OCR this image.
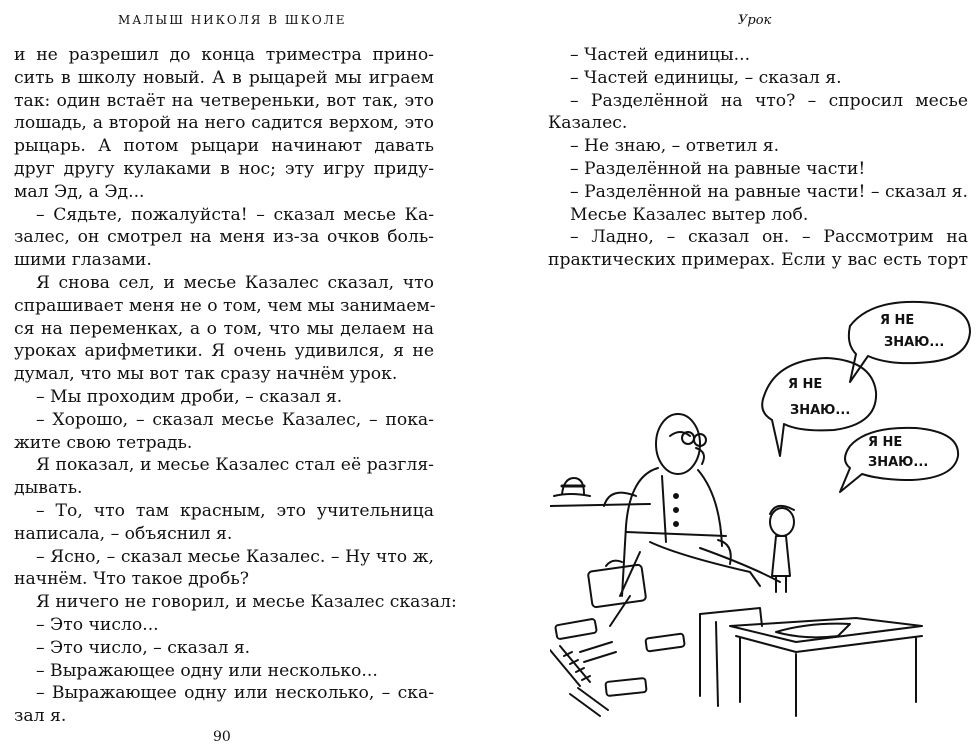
МАЛЫШ НИКОЛЯ В ШКОЛЕ
и не разрешил до конца триместра прино-
сить в школу новый. А в рыцарей мы играем
так: один встаёт на четвереньки, вот так, это
лошадь, а второй на него садится верхом, это
рыцарь. А потом рыцари начинают давать
друг другу кулаками в нос; эту игру приду-
мал Эд, а Эд...
– Сядьте, пожалуйста! – сказал месье Ка-
залес, он смотрел на меня из-за очков боль-
шими глазами.
Я снова сел, и месье Казалес сказал, что
спрашивает меня не о том, чем мы занимаем-
ся на переменках, а о том, что мы делаем на
уроках арифметики. Я очень удивился, я не
думал, что мы вот так сразу начнём урок.
– Мы проходим дроби, – сказал я.
– Хорошо, – сказал месье Казалес, – пока-
жите свою тетрадь.
Я показал, и месье Казалес стал её разгля-
дывать.
– То, что там красным, это учительница
написала, – объяснил я.
– Ясно, – сказал месье Казалес. – Ну что ж,
начнём. Что такое дробь?
Я ничего не говорил, и месье Казалес сказал:
– Это число...
– Это число, – сказал я.
– Выражающее одну или несколько...
– Выражающее одну или несколько, – ска-
зал я.
90
Урок
– Частей единицы...
– Частей единицы, – сказал я.
– Разделённой на что? – спросил месье
Казалес.
– Не знаю, – ответил я.
– Разделённой на равные части!
– Разделённой на равные части! – сказал я.
Месье Казалес вытер лоб.
– Ладно, – сказал он. – Рассмотрим на
практических примерах. Если у вас есть торт
Я НЕ
ЗНАЮ...
Я НЕ
ЗНАЮ...
Я НЕ
ЗНАЮ...
